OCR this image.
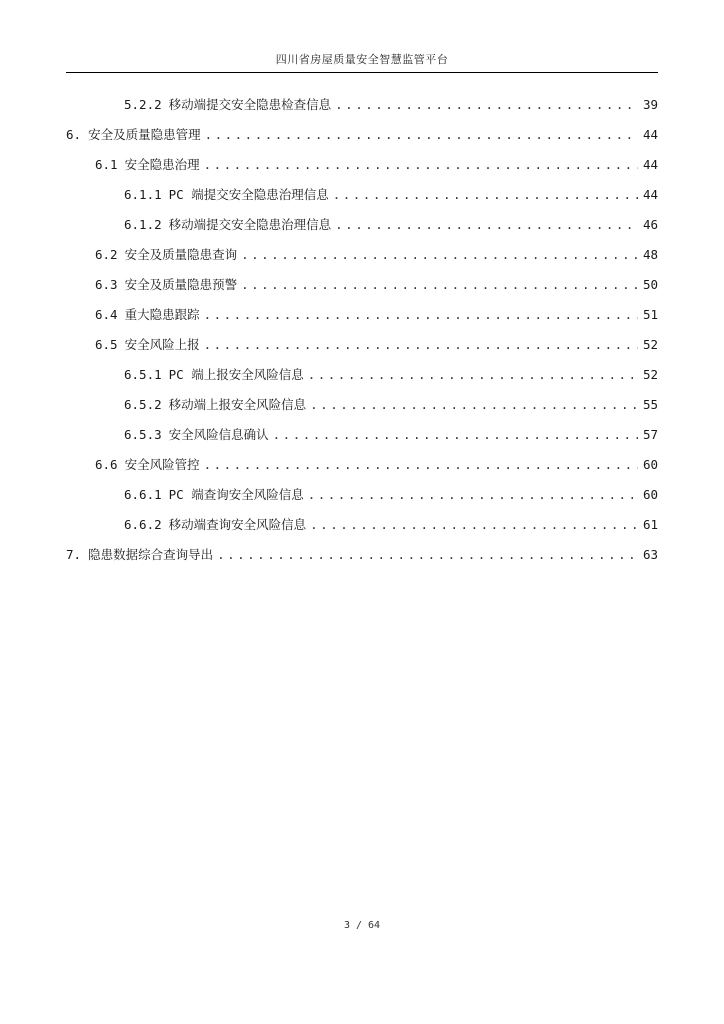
四川省房屋质量安全智慧监管平台
5.2.2 移动端提交安全隐患检查信息 .....	39
6. 安全及质量隐患管理 .....	44
6.1 安全隐患治理 .....	44
6.1.1 PC 端提交安全隐患治理信息 .....	44
6.1.2 移动端提交安全隐患治理信息 .....	46
6.2 安全及质量隐患查询 .....	48
6.3 安全及质量隐患预警 .....	50
6.4 重大隐患跟踪 .....	51
6.5 安全风险上报 .....	52
6.5.1 PC 端上报安全风险信息 .....	52
6.5.2 移动端上报安全风险信息 .....	55
6.5.3 安全风险信息确认 .....	57
6.6 安全风险管控 .....	60
6.6.1 PC 端查询安全风险信息 .....	60
6.6.2 移动端查询安全风险信息 .....	61
7. 隐患数据综合查询导出 .....	63
3 / 64
